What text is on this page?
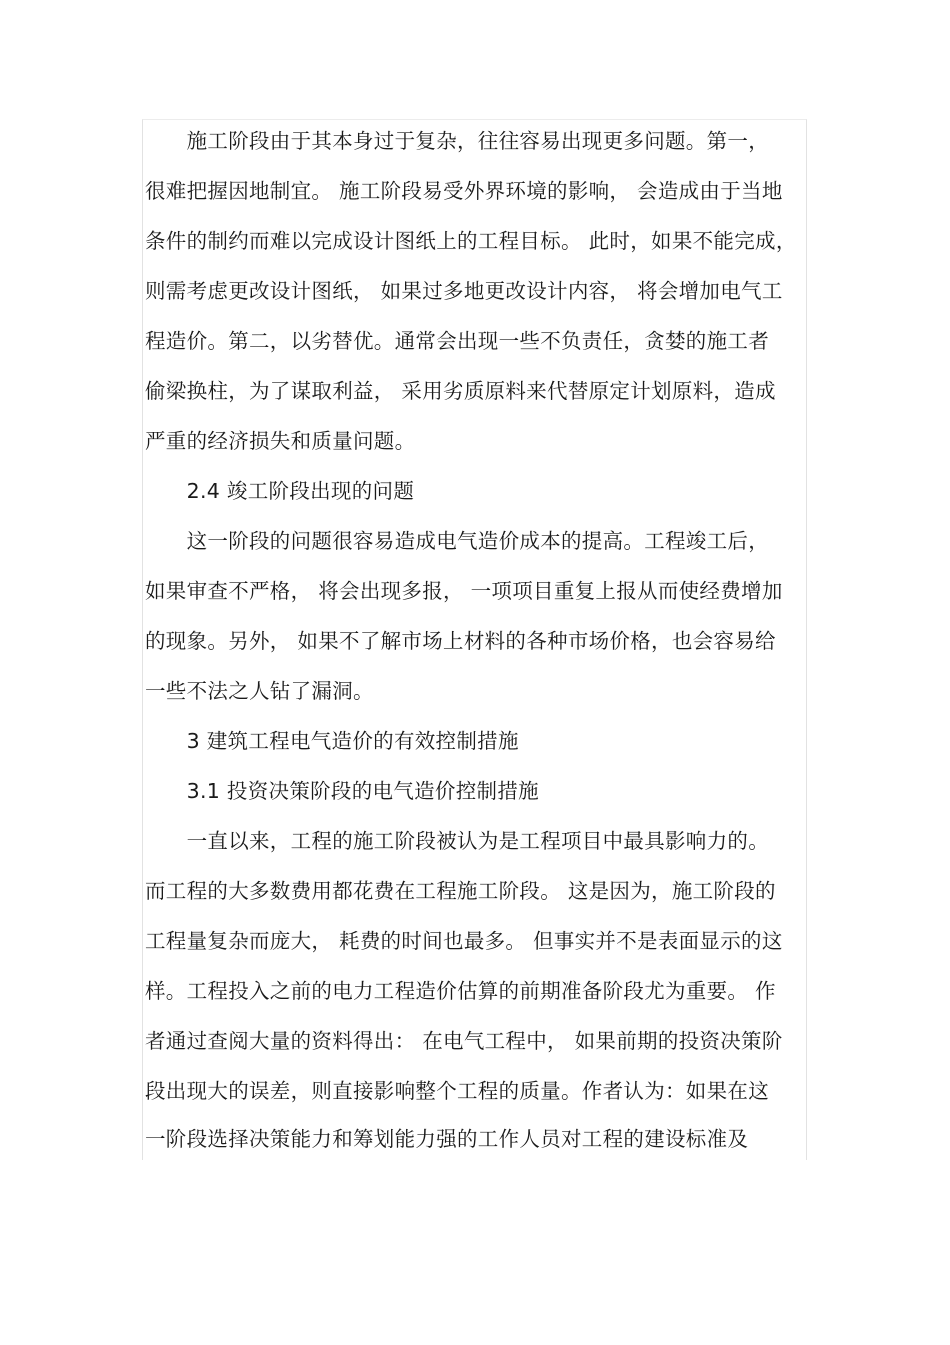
　　施工阶段由于其本身过于复杂，往往容易出现更多问题。第一，
很难把握因地制宜。 施工阶段易受外界环境的影响， 会造成由于当地
条件的制约而难以完成设计图纸上的工程目标。 此时，如果不能完成，
则需考虑更改设计图纸， 如果过多地更改设计内容， 将会增加电气工
程造价。第二，以劣替优。通常会出现一些不负责任，贪婪的施工者
偷梁换柱，为了谋取利益， 采用劣质原料来代替原定计划原料，造成
严重的经济损失和质量问题。
　　2.4 竣工阶段出现的问题
　　这一阶段的问题很容易造成电气造价成本的提高。工程竣工后，
如果审查不严格， 将会出现多报， 一项项目重复上报从而使经费增加
的现象。另外， 如果不了解市场上材料的各种市场价格，也会容易给
一些不法之人钻了漏洞。
　　3 建筑工程电气造价的有效控制措施
　　3.1 投资决策阶段的电气造价控制措施
　　一直以来，工程的施工阶段被认为是工程项目中最具影响力的。
而工程的大多数费用都花费在工程施工阶段。 这是因为，施工阶段的
工程量复杂而庞大， 耗费的时间也最多。 但事实并不是表面显示的这
样。工程投入之前的电力工程造价估算的前期准备阶段尤为重要。 作
者通过查阅大量的资料得出： 在电气工程中， 如果前期的投资决策阶
段出现大的误差，则直接影响整个工程的质量。作者认为：如果在这
一阶段选择决策能力和筹划能力强的工作人员对工程的建设标准及
